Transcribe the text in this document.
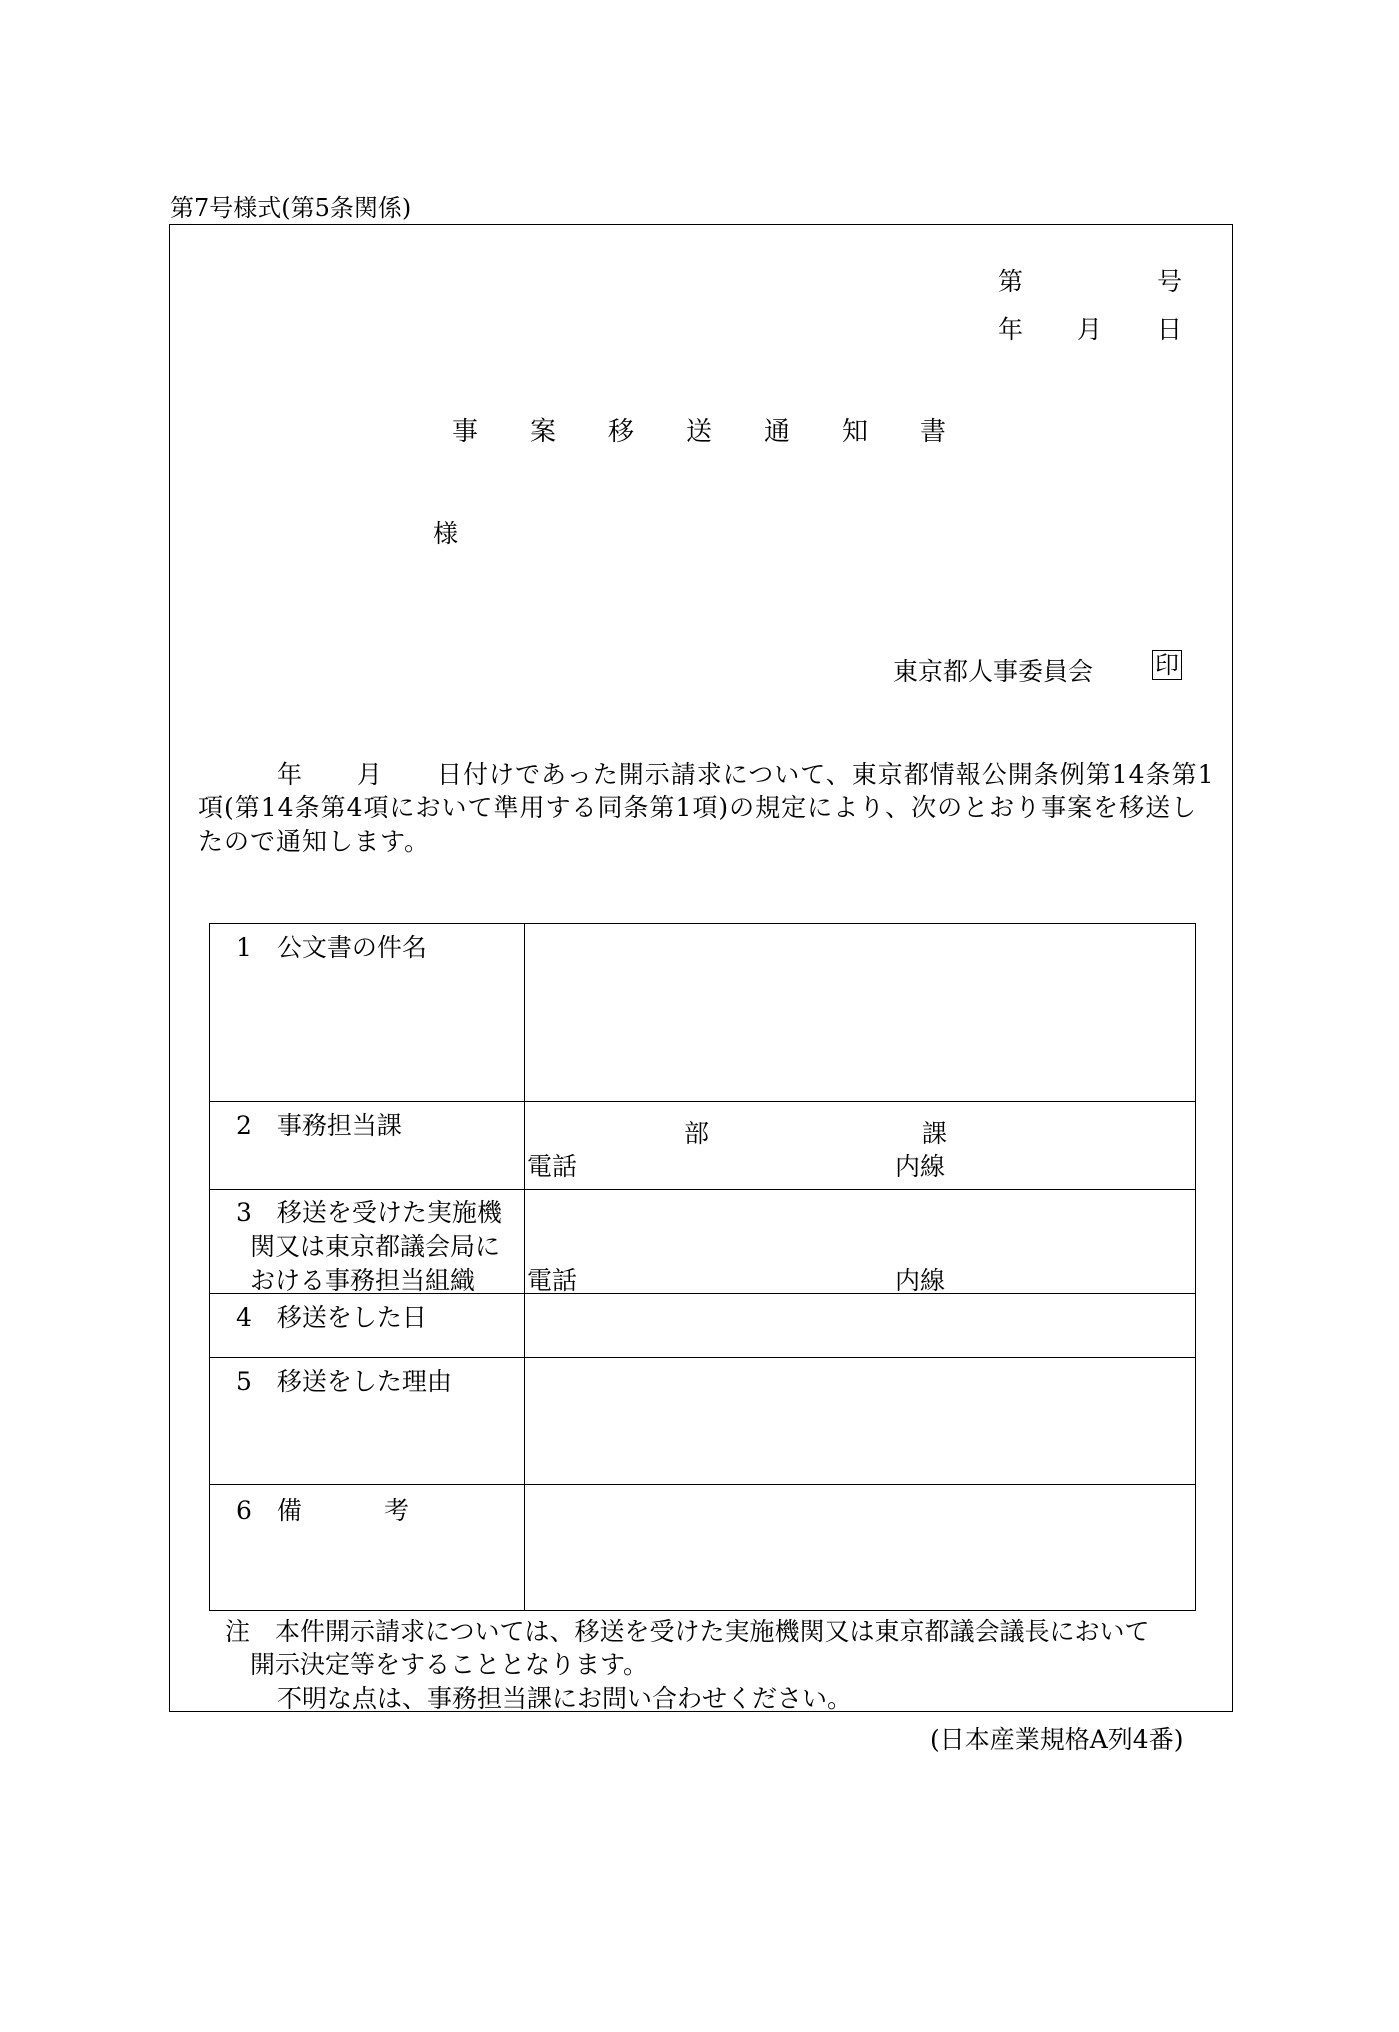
第7号様式(第5条関係)
第	号
年 月 日
事案移送通知書
様
東京都人事委員会	印
年 月 日付けであった開示請求について、東京都情報公開条例第14条第1
項(第14条第4項において準用する同条第1項)の規定により、次のとおり事案を移送し
たので通知します。
1　公文書の件名	

2　事務担当課	部 課
電話 内線

3　移送を受けた実施機
関又は東京都議会局に
おける事務担当組織	電話 内線

4　移送をした日	

5　移送をした理由	

6　備 考	

注　本件開示請求については、移送を受けた実施機関又は東京都議会議長において
開示決定等をすることとなります。
不明な点は、事務担当課にお問い合わせください。
(日本産業規格A列4番)
